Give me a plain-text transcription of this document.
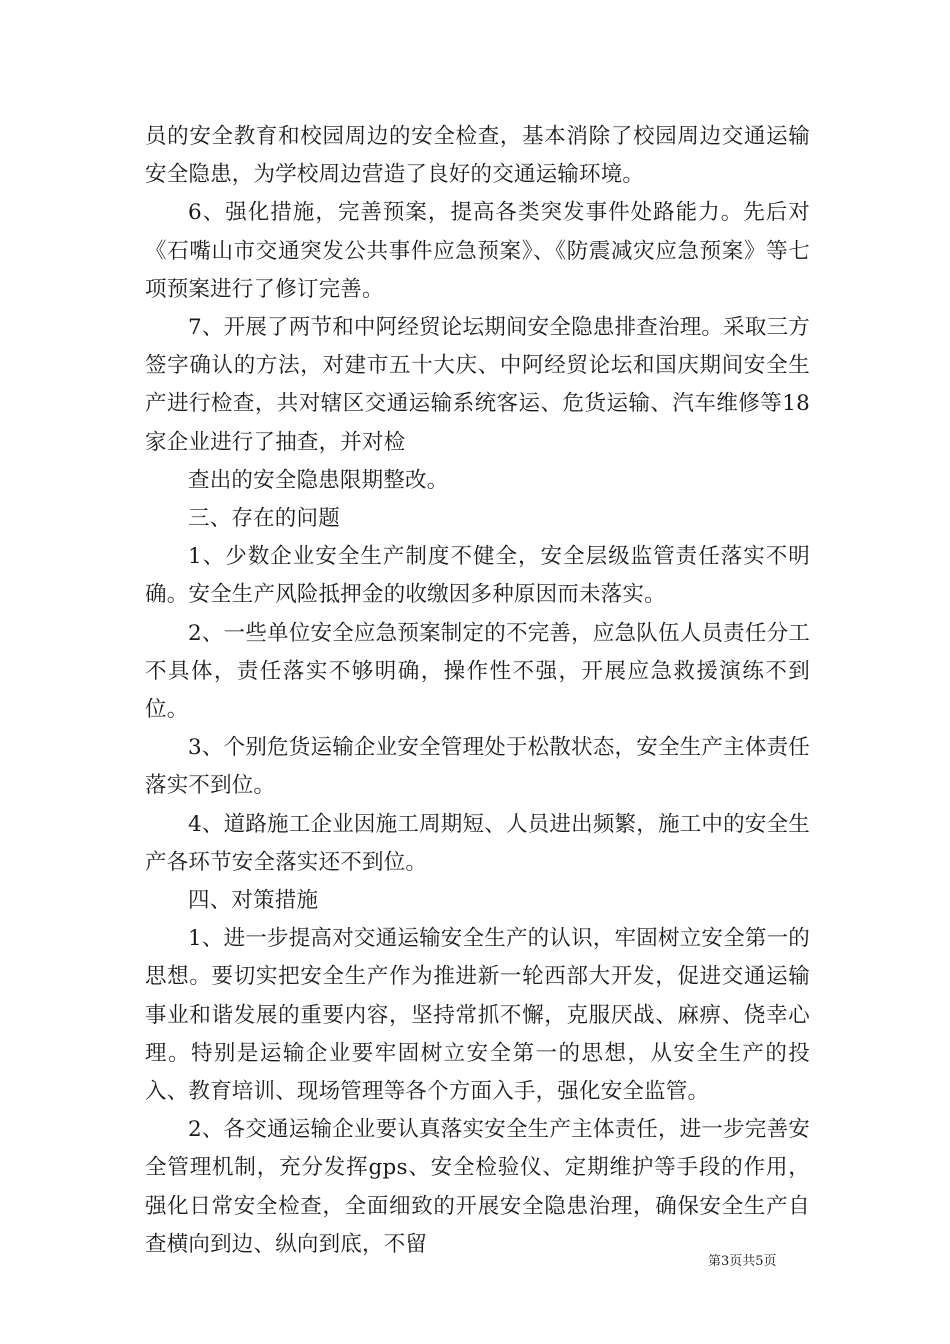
员的安全教育和校园周边的安全检查，基本消除了校园周边交通运输安全隐患，为学校周边营造了良好的交通运输环境。

6、强化措施，完善预案，提高各类突发事件处路能力。先后对《石嘴山市交通突发公共事件应急预案》、《防震减灾应急预案》等七项预案进行了修订完善。

7、开展了两节和中阿经贸论坛期间安全隐患排查治理。采取三方签字确认的方法，对建市五十大庆、中阿经贸论坛和国庆期间安全生产进行检查，共对辖区交通运输系统客运、危货运输、汽车维修等18家企业进行了抽查，并对检

查出的安全隐患限期整改。

三、存在的问题

1、少数企业安全生产制度不健全，安全层级监管责任落实不明确。安全生产风险抵押金的收缴因多种原因而未落实。

2、一些单位安全应急预案制定的不完善，应急队伍人员责任分工不具体，责任落实不够明确，操作性不强，开展应急救援演练不到位。

3、个别危货运输企业安全管理处于松散状态，安全生产主体责任落实不到位。

4、道路施工企业因施工周期短、人员进出频繁，施工中的安全生产各环节安全落实还不到位。

四、对策措施

1、进一步提高对交通运输安全生产的认识，牢固树立安全第一的思想。要切实把安全生产作为推进新一轮西部大开发，促进交通运输事业和谐发展的重要内容，坚持常抓不懈，克服厌战、麻痹、侥幸心理。特别是运输企业要牢固树立安全第一的思想，从安全生产的投入、教育培训、现场管理等各个方面入手，强化安全监管。

2、各交通运输企业要认真落实安全生产主体责任，进一步完善安全管理机制，充分发挥gps、安全检验仪、定期维护等手段的作用，强化日常安全检查，全面细致的开展安全隐患治理，确保安全生产自查横向到边、纵向到底，不留

第3页共5页
